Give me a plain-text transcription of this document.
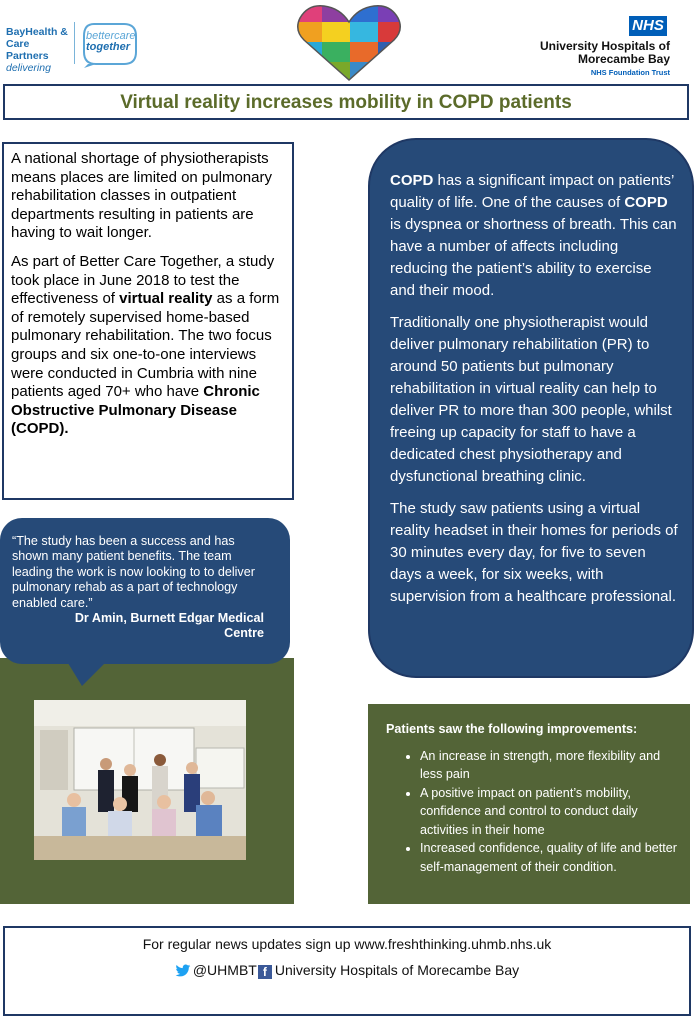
BayHealth &
Care Partners
delivering
bettercare
together
NHS
University Hospitals of
Morecambe Bay
NHS Foundation Trust
Virtual reality increases mobility in COPD patients

A national shortage of physiotherapists means places are limited on pulmonary rehabilitation classes in outpatient departments resulting in patients are having to wait longer.

As part of Better Care Together, a study took place in June 2018 to test the effectiveness of virtual reality as a form of remotely supervised home-based pulmonary rehabilitation. The two focus groups and six one-to-one interviews were conducted in Cumbria with nine patients aged 70+ who have Chronic Obstructive Pulmonary Disease (COPD).

COPD has a significant impact on patients’ quality of life. One of the causes of COPD is dyspnea or shortness of breath. This can have a number of affects including reducing the patient’s ability to exercise and their mood.

Traditionally one physiotherapist would deliver pulmonary rehabilitation (PR) to around 50 patients but pulmonary rehabilitation in virtual reality can help to deliver PR to more than 300 people, whilst freeing up capacity for staff to have a dedicated chest physiotherapy and dysfunctional breathing clinic.

The study saw patients using a virtual reality headset in their homes for periods of 30 minutes every day, for five to seven days a week, for six weeks, with supervision from a healthcare professional.

“The study has been a success and has shown many patient benefits. The team leading the work is now looking to to deliver pulmonary rehab as a part of technology enabled care.”
Dr Amin, Burnett Edgar Medical
Centre
Patients saw the following improvements:
• An increase in strength, more flexibility and less pain
• A positive impact on patient’s mobility, confidence and control to conduct daily activities in their home
• Increased confidence, quality of life and better self-management of their condition.
For regular news updates sign up www.freshthinking.uhmb.nhs.uk
@UHMBT f University Hospitals of Morecambe Bay
